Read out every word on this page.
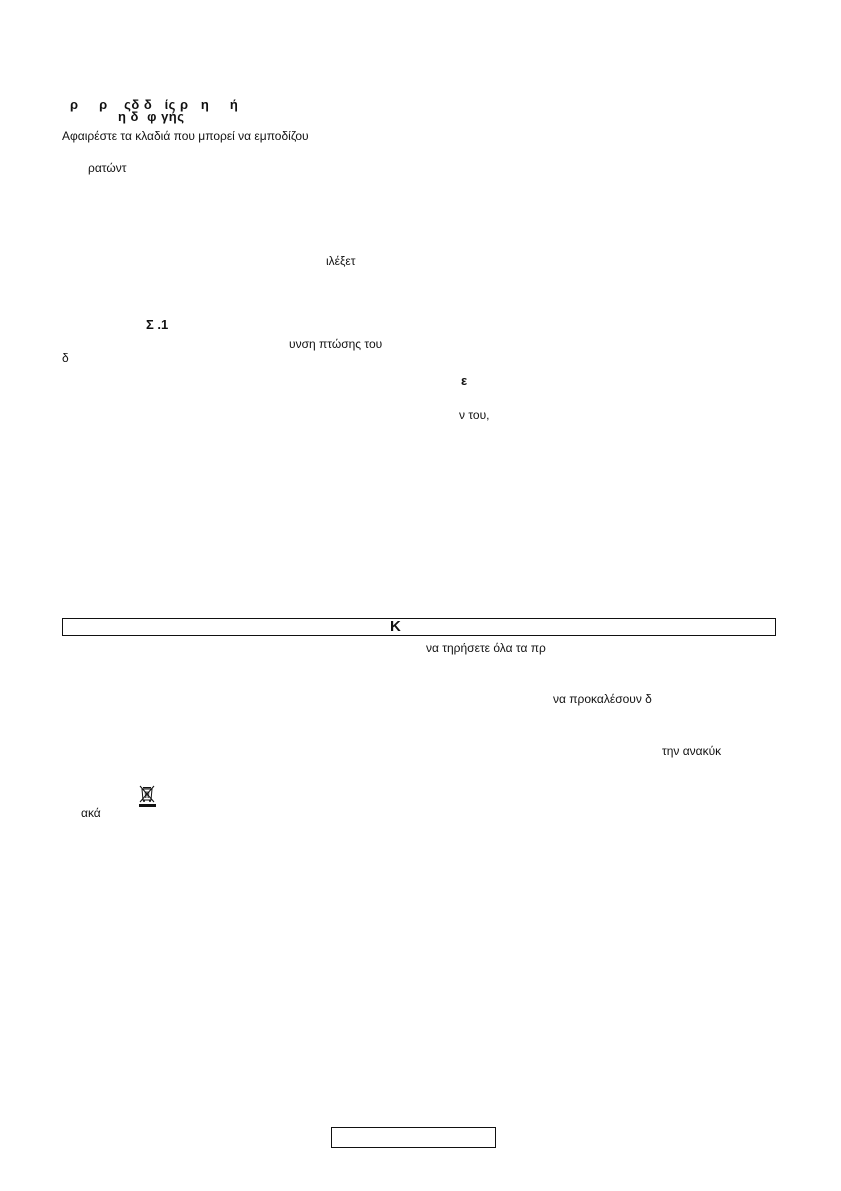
ρ     ρ    ςδ δ   ίς ρ   η     ή
η δ  φ γής
Αφαιρέστε τα κλαδιά που μπορεί να εμποδίζου
ρατώντ
ιλέξετ
Σ .1
υνση πτώσης του
δ
ε
ν του,
Κ
να τηρήσετε όλα τα πρ
να προκαλέσουν δ
την ανακύκ
ακά
